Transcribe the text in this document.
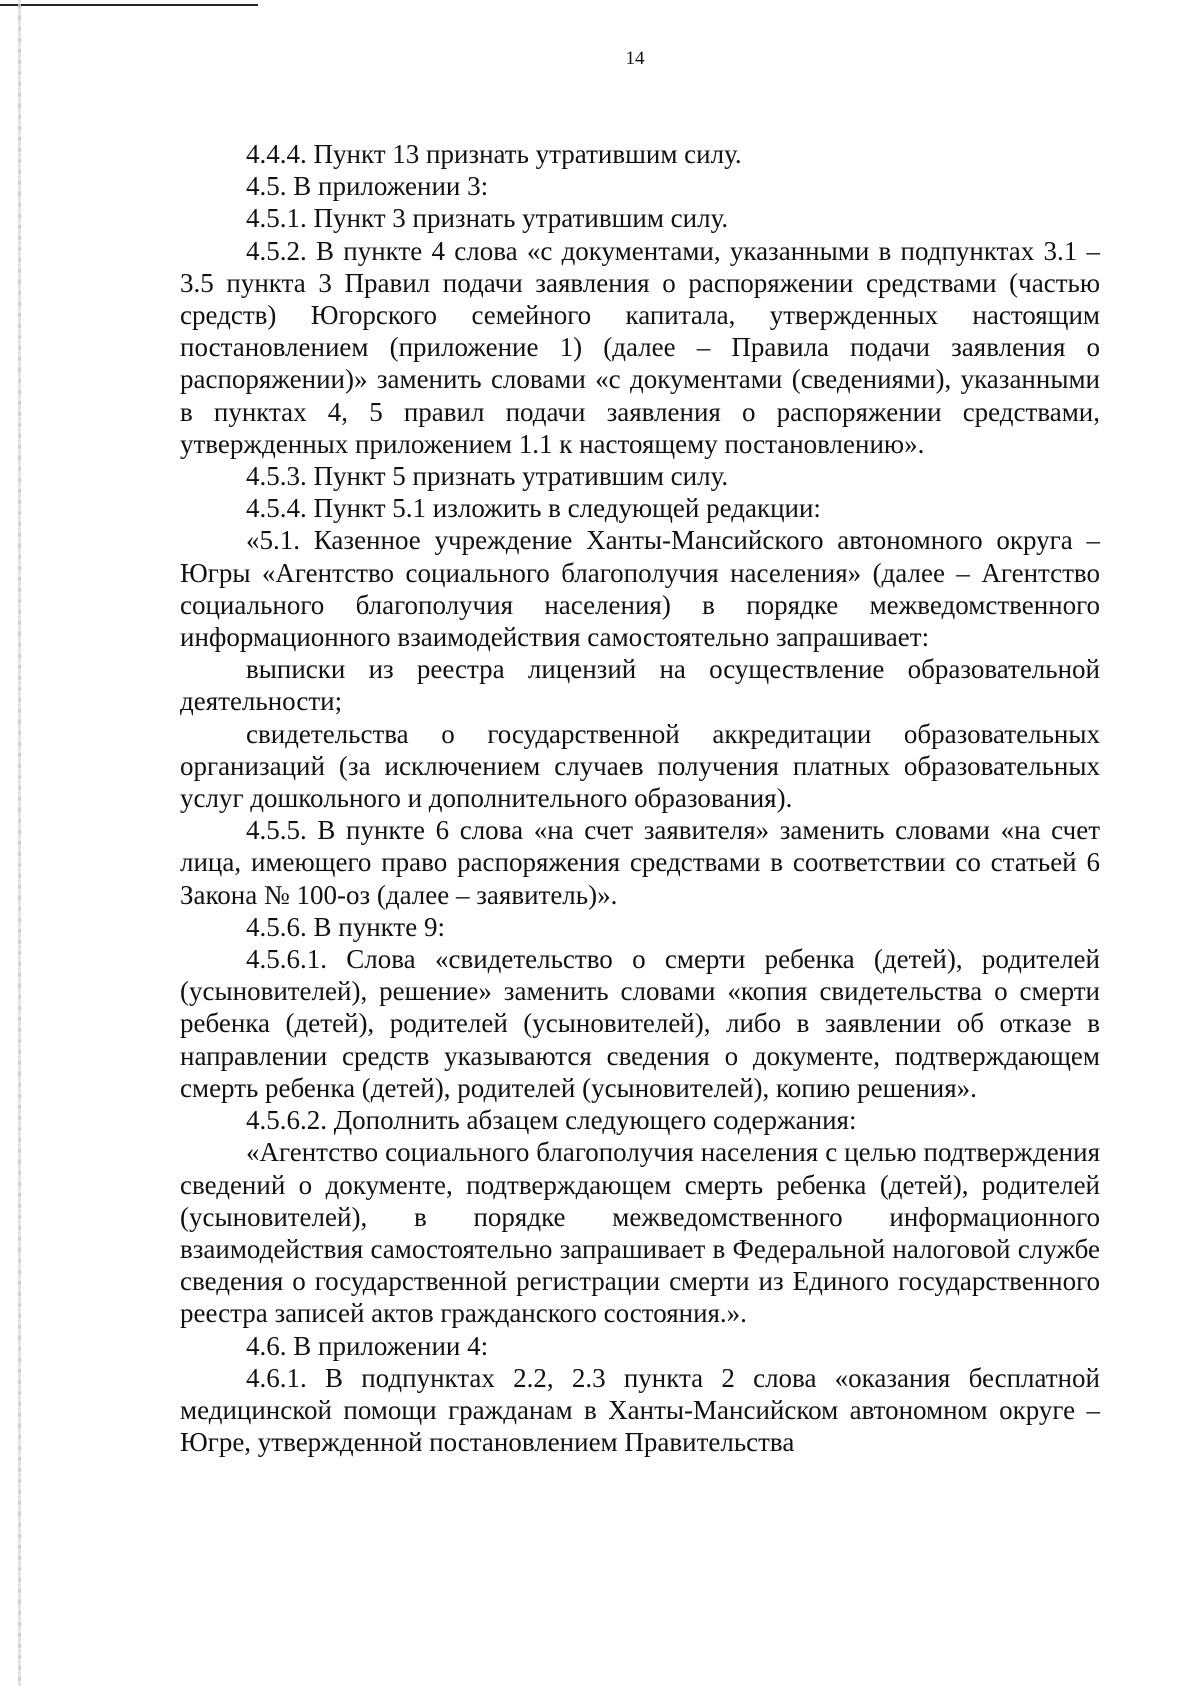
14

4.4.4. Пункт 13 признать утратившим силу.

4.5. В приложении 3:

4.5.1. Пункт 3 признать утратившим силу.

4.5.2. В пункте 4 слова «с документами, указанными в подпунктах 3.1 – 3.5 пункта 3 Правил подачи заявления о распоряжении средствами (частью средств) Югорского семейного капитала, утвержденных настоящим постановлением (приложение 1) (далее – Правила подачи заявления о распоряжении)» заменить словами «с документами (сведениями), указанными в пунктах 4, 5 правил подачи заявления о распоряжении средствами, утвержденных приложением 1.1 к настоящему постановлению».

4.5.3. Пункт 5 признать утратившим силу.

4.5.4. Пункт 5.1 изложить в следующей редакции:

«5.1. Казенное учреждение Ханты-Мансийского автономного округа – Югры «Агентство социального благополучия населения» (далее – Агентство социального благополучия населения) в порядке межведомственного информационного взаимодействия самостоятельно запрашивает:

выписки из реестра лицензий на осуществление образовательной деятельности;

свидетельства о государственной аккредитации образовательных организаций (за исключением случаев получения платных образовательных услуг дошкольного и дополнительного образования).

4.5.5. В пункте 6 слова «на счет заявителя» заменить словами «на счет лица, имеющего право распоряжения средствами в соответствии со статьей 6 Закона № 100-оз (далее – заявитель)».

4.5.6. В пункте 9:

4.5.6.1. Слова «свидетельство о смерти ребенка (детей), родителей (усыновителей), решение» заменить словами «копия свидетельства о смерти ребенка (детей), родителей (усыновителей), либо в заявлении об отказе в направлении средств указываются сведения о документе, подтверждающем смерть ребенка (детей), родителей (усыновителей), копию решения».

4.5.6.2. Дополнить абзацем следующего содержания:

«Агентство социального благополучия населения с целью подтверждения сведений о документе, подтверждающем смерть ребенка (детей), родителей (усыновителей), в порядке межведомственного информационного взаимодействия самостоятельно запрашивает в Федеральной налоговой службе сведения о государственной регистрации смерти из Единого государственного реестра записей актов гражданского состояния.».

4.6. В приложении 4:

4.6.1. В подпунктах 2.2, 2.3 пункта 2 слова «оказания бесплатной медицинской помощи гражданам в Ханты-Мансийском автономном округе – Югре, утвержденной постановлением Правительства
